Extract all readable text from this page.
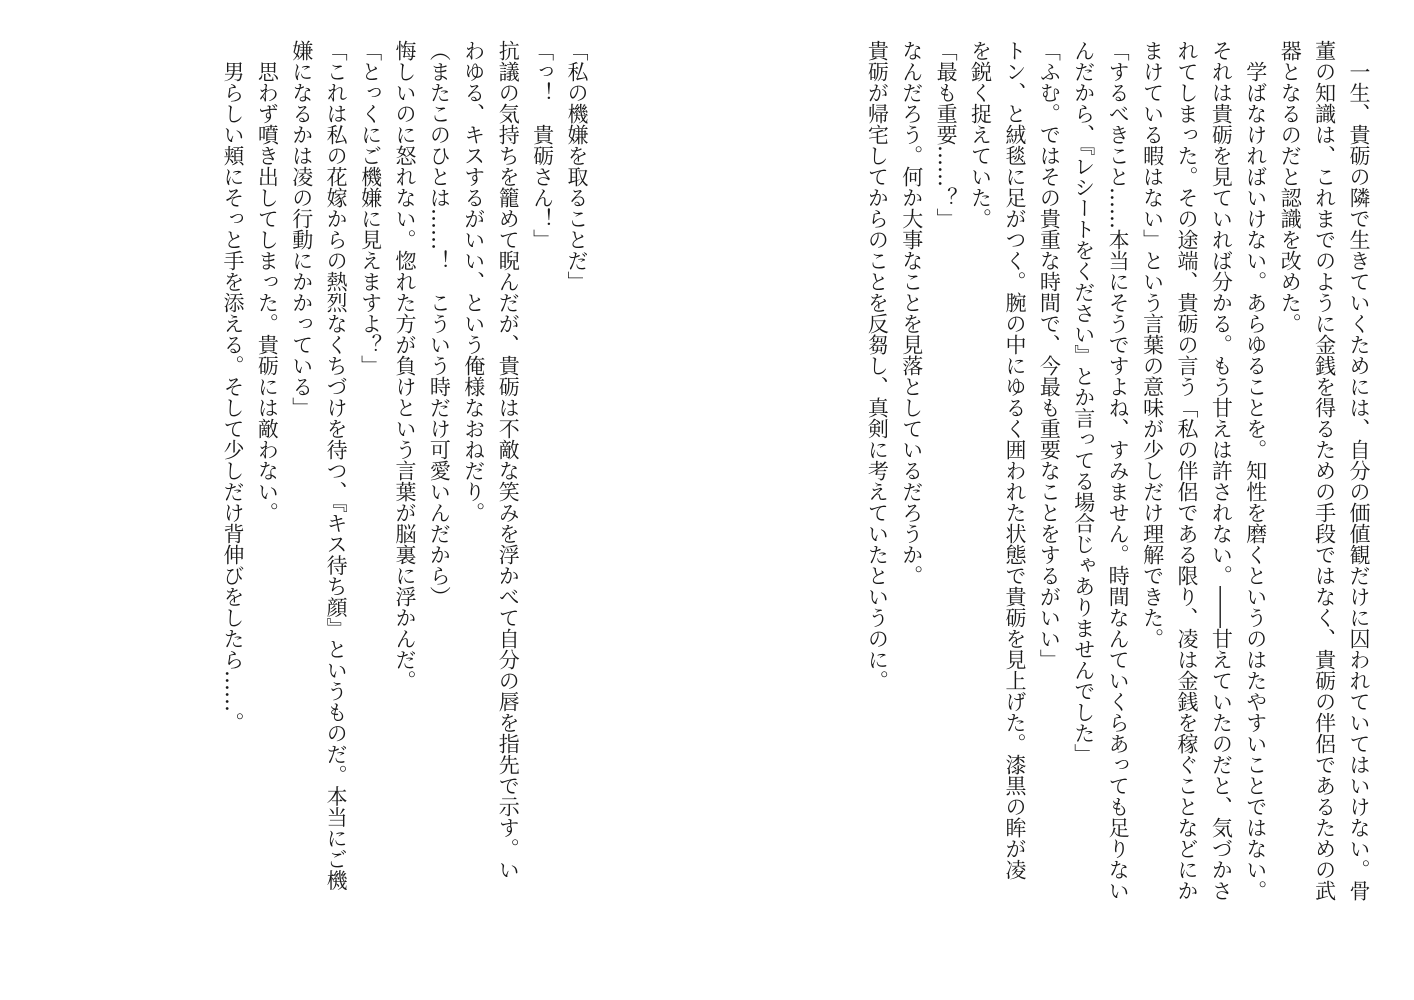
一生、貴砺の隣で生きていくためには、自分の価値観だけに囚われていてはいけない。骨
董の知識は、これまでのように金銭を得るための手段ではなく、貴砺の伴侶であるための武
器となるのだと認識を改めた。
学ばなければいけない。あらゆることを。知性を磨くというのはたやすいことではない。
それは貴砺を見ていれば分かる。もう甘えは許されない。――甘えていたのだと、気づかさ
れてしまった。その途端、貴砺の言う「私の伴侶である限り、凌は金銭を稼ぐことなどにか
まけている暇はない」という言葉の意味が少しだけ理解できた。
「するべきこと……本当にそうですよね、すみません。時間なんていくらあっても足りない
んだから、『レシートをください』とか言ってる場合じゃありませんでした」
「ふむ。ではその貴重な時間で、今最も重要なことをするがいい」
トン、と絨毯に足がつく。腕の中にゆるく囲われた状態で貴砺を見上げた。漆黒の眸が凌
を鋭く捉えていた。
「最も重要……？」
なんだろう。何か大事なことを見落としているだろうか。
貴砺が帰宅してからのことを反芻し、真剣に考えていたというのに。
「私の機嫌を取ることだ」
「っ！　貴砺さん！」
抗議の気持ちを籠めて睨んだが、貴砺は不敵な笑みを浮かべて自分の唇を指先で示す。い
わゆる、キスするがいい、という俺様なおねだり。
（またこのひとは……！　こういう時だけ可愛いんだから）
悔しいのに怒れない。惚れた方が負けという言葉が脳裏に浮かんだ。
「とっくにご機嫌に見えますよ？」
「これは私の花嫁からの熱烈なくちづけを待つ、『キス待ち顔』というものだ。本当にご機
嫌になるかは凌の行動にかかっている」
思わず噴き出してしまった。貴砺には敵わない。
男らしい頬にそっと手を添える。そして少しだけ背伸びをしたら……。
